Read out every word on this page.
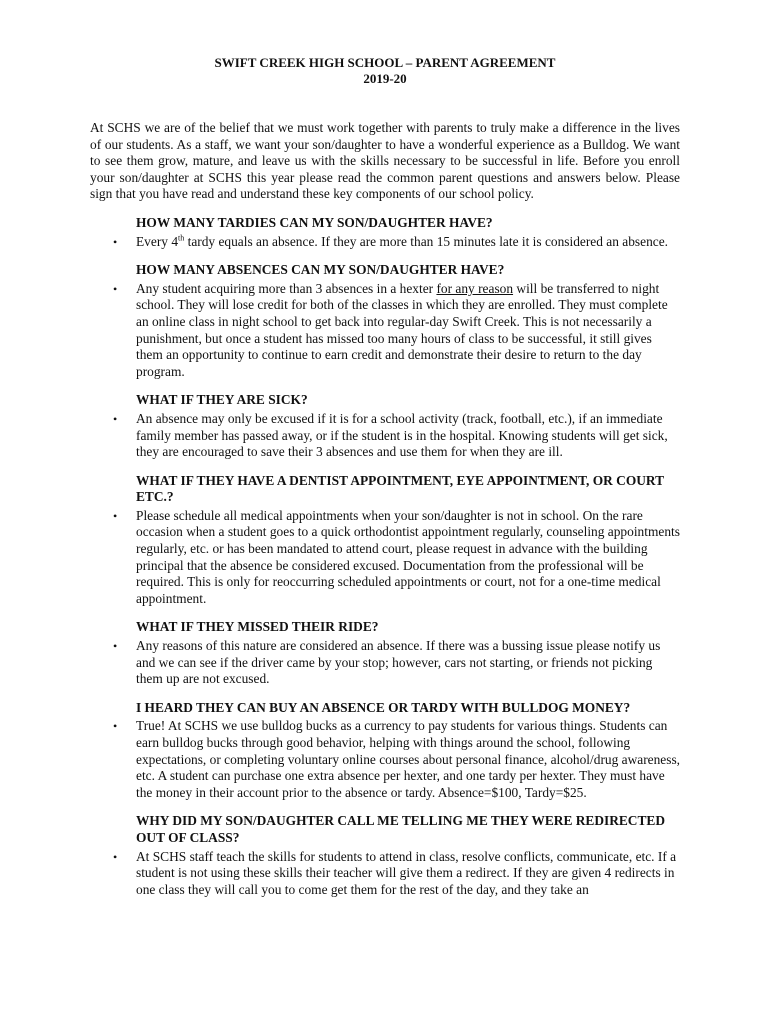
SWIFT CREEK HIGH SCHOOL – PARENT AGREEMENT
2019-20
At SCHS we are of the belief that we must work together with parents to truly make a difference in the lives of our students. As a staff, we want your son/daughter to have a wonderful experience as a Bulldog. We want to see them grow, mature, and leave us with the skills necessary to be successful in life. Before you enroll your son/daughter at SCHS this year please read the common parent questions and answers below. Please sign that you have read and understand these key components of our school policy.
HOW MANY TARDIES CAN MY SON/DAUGHTER HAVE?
• Every 4th tardy equals an absence. If they are more than 15 minutes late it is considered an absence.
HOW MANY ABSENCES CAN MY SON/DAUGHTER HAVE?
• Any student acquiring more than 3 absences in a hexter for any reason will be transferred to night school. They will lose credit for both of the classes in which they are enrolled. They must complete an online class in night school to get back into regular-day Swift Creek. This is not necessarily a punishment, but once a student has missed too many hours of class to be successful, it still gives them an opportunity to continue to earn credit and demonstrate their desire to return to the day program.
WHAT IF THEY ARE SICK?
• An absence may only be excused if it is for a school activity (track, football, etc.), if an immediate family member has passed away, or if the student is in the hospital. Knowing students will get sick, they are encouraged to save their 3 absences and use them for when they are ill.
WHAT IF THEY HAVE A DENTIST APPOINTMENT, EYE APPOINTMENT, OR COURT ETC.?
• Please schedule all medical appointments when your son/daughter is not in school. On the rare occasion when a student goes to a quick orthodontist appointment regularly, counseling appointments regularly, etc. or has been mandated to attend court, please request in advance with the building principal that the absence be considered excused. Documentation from the professional will be required. This is only for reoccurring scheduled appointments or court, not for a one-time medical appointment.
WHAT IF THEY MISSED THEIR RIDE?
• Any reasons of this nature are considered an absence. If there was a bussing issue please notify us and we can see if the driver came by your stop; however, cars not starting, or friends not picking them up are not excused.
I HEARD THEY CAN BUY AN ABSENCE OR TARDY WITH BULLDOG MONEY?
• True! At SCHS we use bulldog bucks as a currency to pay students for various things. Students can earn bulldog bucks through good behavior, helping with things around the school, following expectations, or completing voluntary online courses about personal finance, alcohol/drug awareness, etc. A student can purchase one extra absence per hexter, and one tardy per hexter. They must have the money in their account prior to the absence or tardy. Absence=$100, Tardy=$25.
WHY DID MY SON/DAUGHTER CALL ME TELLING ME THEY WERE REDIRECTED OUT OF CLASS?
• At SCHS staff teach the skills for students to attend in class, resolve conflicts, communicate, etc. If a student is not using these skills their teacher will give them a redirect. If they are given 4 redirects in one class they will call you to come get them for the rest of the day, and they take an
